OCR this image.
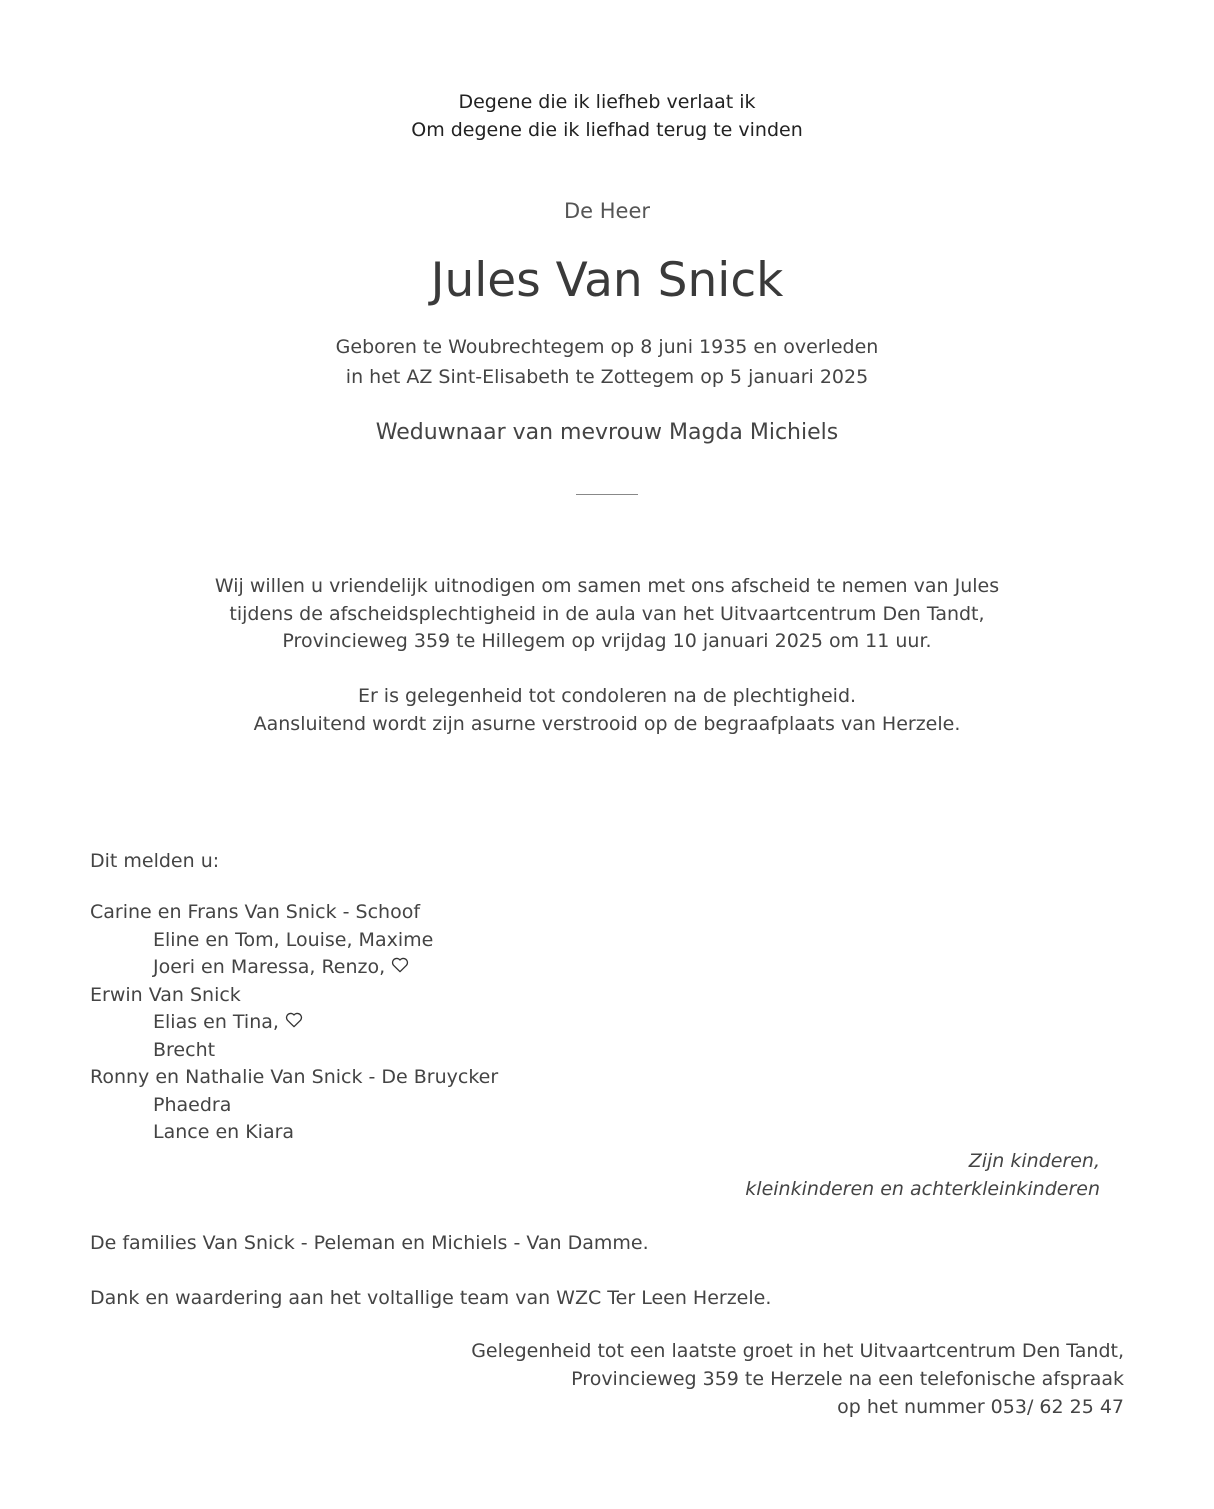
Degene die ik liefheb verlaat ik
Om degene die ik liefhad terug te vinden
De Heer
Jules Van Snick
Geboren te Woubrechtegem op 8 juni 1935 en overleden
in het AZ Sint-Elisabeth te Zottegem op 5 januari 2025
Weduwnaar van mevrouw Magda Michiels
Wij willen u vriendelijk uitnodigen om samen met ons afscheid te nemen van Jules
tijdens de afscheidsplechtigheid in de aula van het Uitvaartcentrum Den Tandt,
Provincieweg 359 te Hillegem op vrijdag 10 januari 2025 om 11 uur.
Er is gelegenheid tot condoleren na de plechtigheid.
Aansluitend wordt zijn asurne verstrooid op de begraafplaats van Herzele.
Dit melden u:
Carine en Frans Van Snick - Schoof
Eline en Tom, Louise, Maxime
Joeri en Maressa, Renzo,
Erwin Van Snick
Elias en Tina,
Brecht
Ronny en Nathalie Van Snick - De Bruycker
Phaedra
Lance en Kiara
Zijn kinderen,
kleinkinderen en achterkleinkinderen
De families Van Snick - Peleman en Michiels - Van Damme.
Dank en waardering aan het voltallige team van WZC Ter Leen Herzele.
Gelegenheid tot een laatste groet in het Uitvaartcentrum Den Tandt,
Provincieweg 359 te Herzele na een telefonische afspraak
op het nummer 053/ 62 25 47
